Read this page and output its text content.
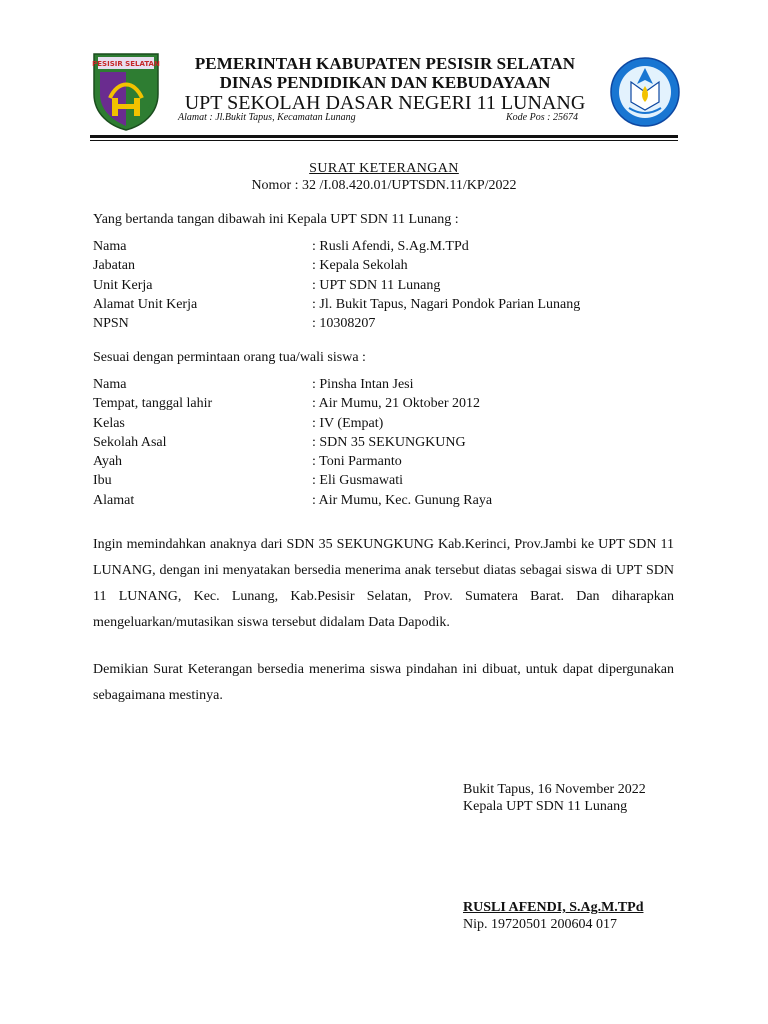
PESISIR SELATAN	PEMERINTAH KABUPATEN PESISIR SELATAN
DINAS PENDIDIKAN DAN KEBUDAYAAN
UPT SEKOLAH DASAR NEGERI 11 LUNANG
Alamat : Jl.Bukit Tapus, Kecamatan Lunang	Kode Pos : 25674
SURAT KETERANGAN
Nomor : 32 /I.08.420.01/UPTSDN.11/KP/2022
Yang bertanda tangan dibawah ini Kepala UPT SDN 11 Lunang :
Nama	: Rusli Afendi, S.Ag.M.TPd
Jabatan	: Kepala Sekolah
Unit Kerja	: UPT SDN 11 Lunang
Alamat Unit Kerja	: Jl. Bukit Tapus, Nagari Pondok Parian Lunang
NPSN	: 10308207
Sesuai dengan permintaan orang tua/wali siswa :
Nama	: Pinsha Intan Jesi
Tempat, tanggal lahir	: Air Mumu, 21 Oktober 2012
Kelas	: IV (Empat)
Sekolah Asal	: SDN 35 SEKUNGKUNG
Ayah	: Toni Parmanto
Ibu	: Eli Gusmawati
Alamat	: Air Mumu, Kec. Gunung Raya
Ingin memindahkan anaknya dari SDN 35 SEKUNGKUNG Kab.Kerinci, Prov.Jambi ke UPT SDN 11 LUNANG, dengan ini menyatakan bersedia menerima anak tersebut diatas sebagai siswa di UPT SDN 11 LUNANG, Kec. Lunang, Kab.Pesisir Selatan, Prov. Sumatera Barat. Dan diharapkan mengeluarkan/mutasikan siswa tersebut didalam Data Dapodik.
Demikian Surat Keterangan bersedia menerima siswa pindahan ini dibuat, untuk dapat dipergunakan sebagaimana mestinya.
Bukit Tapus, 16 November 2022
Kepala UPT SDN 11 Lunang
RUSLI AFENDI, S.Ag.M.TPd
Nip. 19720501 200604 017
